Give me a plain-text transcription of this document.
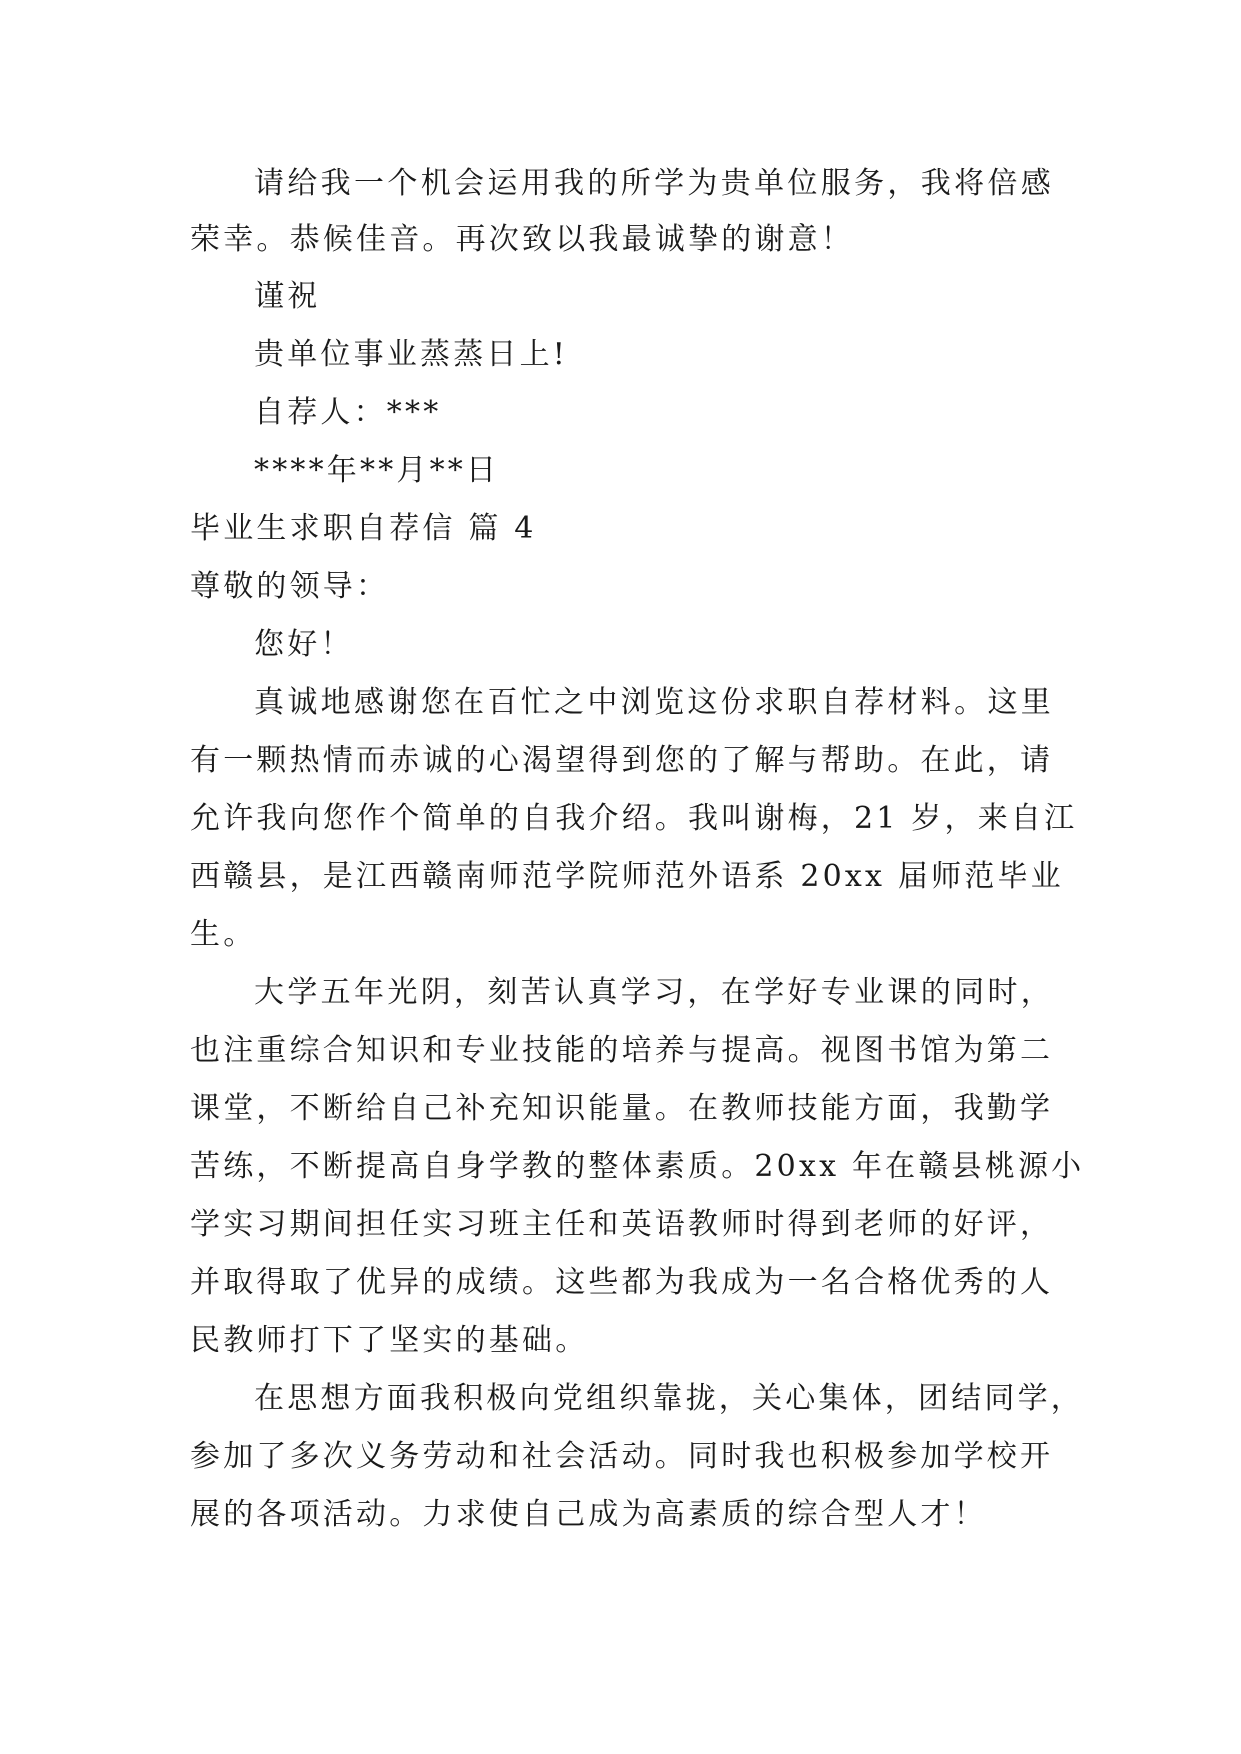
请给我一个机会运用我的所学为贵单位服务，我将倍感
荣幸。恭候佳音。再次致以我最诚挚的谢意！
谨祝
贵单位事业蒸蒸日上!
自荐人：***
****年**月**日
毕业生求职自荐信 篇 4
尊敬的领导：
您好！
真诚地感谢您在百忙之中浏览这份求职自荐材料。这里
有一颗热情而赤诚的心渴望得到您的了解与帮助。在此，请
允许我向您作个简单的自我介绍。我叫谢梅，21 岁，来自江
西赣县，是江西赣南师范学院师范外语系 20xx 届师范毕业
生。
大学五年光阴，刻苦认真学习，在学好专业课的同时，
也注重综合知识和专业技能的培养与提高。视图书馆为第二
课堂，不断给自己补充知识能量。在教师技能方面，我勤学
苦练，不断提高自身学教的整体素质。20xx 年在赣县桃源小
学实习期间担任实习班主任和英语教师时得到老师的好评，
并取得取了优异的成绩。这些都为我成为一名合格优秀的人
民教师打下了坚实的基础。
在思想方面我积极向党组织靠拢，关心集体，团结同学，
参加了多次义务劳动和社会活动。同时我也积极参加学校开
展的各项活动。力求使自己成为高素质的综合型人才！
